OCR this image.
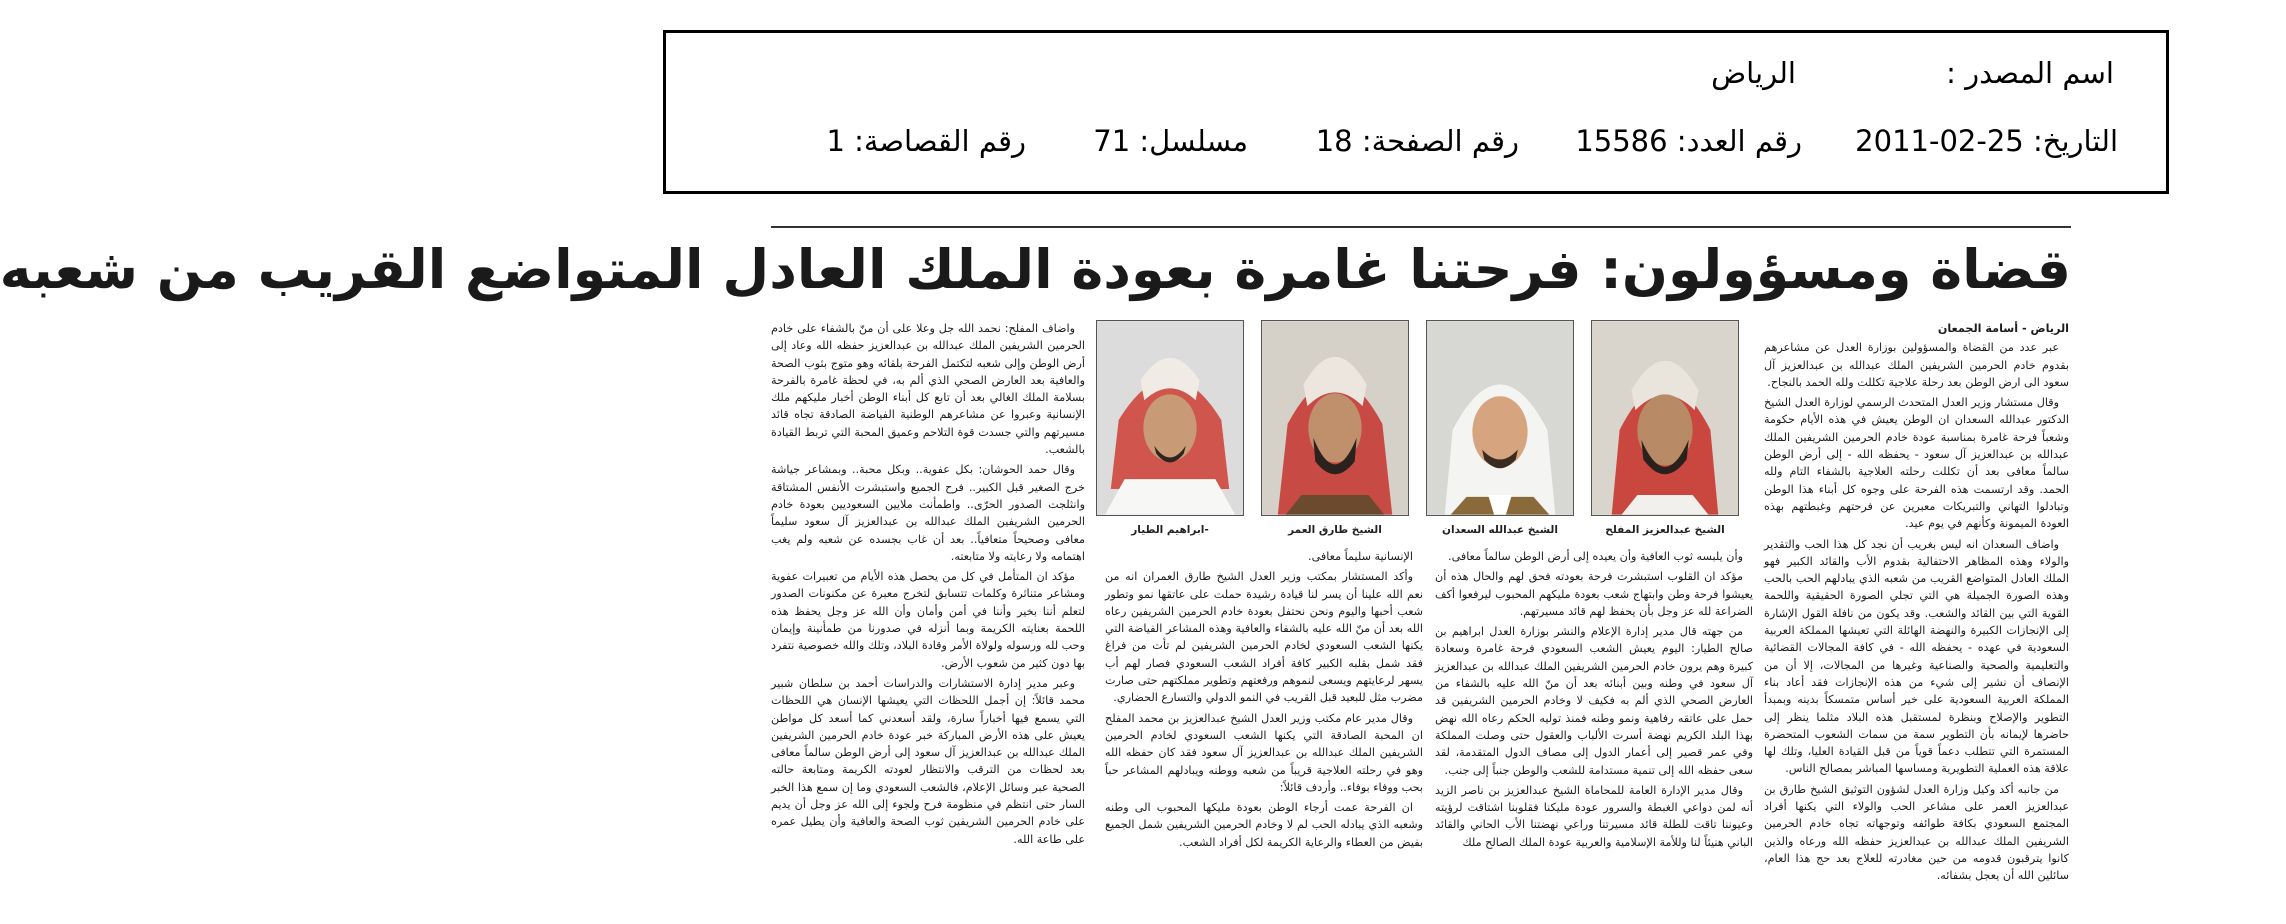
اسم المصدر :
الرياض
التاريخ: 25-02-2011
رقم العدد: 15586
رقم الصفحة: 18
مسلسل: 71
رقم القصاصة: 1
قضاة ومسؤولون: فرحتنا غامرة بعودة الملك العادل المتواضع القريب من شعبه
الرياض - أسامة الجمعان

عبر عدد من القضاة والمسؤولين بوزارة العدل عن مشاعرهم بقدوم خادم الحرمين الشريفين الملك عبدالله بن عبدالعزيز آل سعود الى ارض الوطن بعد رحلة علاجية تكللت ولله الحمد بالنجاح.

وقال مستشار وزير العدل المتحدث الرسمي لوزارة العدل الشيخ الدكتور عبدالله السعدان ان الوطن يعيش في هذه الأيام حكومة وشعباً فرحة غامرة بمناسبة عودة خادم الحرمين الشريفين الملك عبدالله بن عبدالعزيز آل سعود - يحفظه الله - إلى أرض الوطن سالماً معافى بعد أن تكللت رحلته العلاجية بالشفاء التام ولله الحمد. وقد ارتسمت هذه الفرحة على وجوه كل أبناء هذا الوطن وتبادلوا التهاني والتبريكات معبرين عن فرحتهم وغبطتهم بهذه العودة الميمونة وكأنهم في يوم عيد.

واضاف السعدان انه ليس بغريب أن نجد كل هذا الحب والتقدير والولاء وهذه المظاهر الاحتفالية بقدوم الأب والقائد الكبير فهو الملك العادل المتواضع القريب من شعبه الذي يبادلهم الحب بالحب وهذه الصورة الجميلة هي التي تجلي الصورة الحقيقية واللحمة القوية التي بين القائد والشعب. وقد يكون من نافلة القول الإشارة إلى الإنجازات الكبيرة والنهضة الهائلة التي تعيشها المملكة العربية السعودية في عهده - يحفظه الله - في كافة المجالات القضائية والتعليمية والصحية والصناعية وغيرها من المجالات، إلا أن من الإنصاف أن نشير إلى شيء من هذه الإنجازات فقد أعاد بناء المملكة العربية السعودية على خير أساس متمسكاً بدينه وبمبدأ التطوير والإصلاح وبنظرة لمستقبل هذه البلاد مثلما ينظر إلى حاضرها لإيمانه بأن التطوير سمة من سمات الشعوب المتحضرة المستمرة التي تتطلب دعماً قوياً من قبل القيادة العليا، وتلك لها علاقة هذه العملية التطويرية ومساسها المباشر بمصالح الناس.

من جانبه أكد وكيل وزارة العدل لشؤون التوثيق الشيخ طارق بن عبدالعزيز العمر على مشاعر الحب والولاء التي يكنها أفراد المجتمع السعودي بكافة طوائفه وتوجهاته تجاه خادم الحرمين الشريفين الملك عبدالله بن عبدالعزيز حفظه الله ورعاه والذين كانوا يترقبون قدومه من حين مغادرته للعلاج بعد حج هذا العام، سائلين الله أن يعجل بشفائه.

الشيخ عبدالعزيز المفلح
الشيخ عبدالله السعدان
الشيخ طارق العمر
-ابراهيم الطيار

وأن يلبسه ثوب العافية وأن يعيده إلى أرض الوطن سالماً معافى.

مؤكد ان القلوب استبشرت فرحة بعودته فحق لهم والحال هذه أن يعيشوا فرحة وطن وابتهاج شعب بعودة مليكهم المحبوب ليرفعوا أكف الضراعة لله عز وجل بأن يحفظ لهم قائد مسيرتهم.

من جهته قال مدير إدارة الإعلام والنشر بوزارة العدل ابراهيم بن صالح الطيار: اليوم يعيش الشعب السعودي فرحة غامرة وسعادة كبيرة وهم يرون خادم الحرمين الشريفين الملك عبدالله بن عبدالعزيز آل سعود في وطنه وبين أبنائه بعد أن منّ الله عليه بالشفاء من العارض الصحي الذي ألم به فكيف لا وخادم الحرمين الشريفين قد حمل على عاتقه رفاهية ونمو وطنه فمنذ توليه الحكم رعاه الله نهض بهذا البلد الكريم نهضة أسرت الألباب والعقول حتى وصلت المملكة وفي عمر قصير إلى أعمار الدول إلى مصاف الدول المتقدمة، لقد سعى حفظه الله إلى تنمية مستدامة للشعب والوطن جنباً إلى جنب.

وقال مدير الإدارة العامة للمحاماة الشيخ عبدالعزيز بن ناصر الزيد أنه لمن دواعي الغبطة والسرور عودة مليكنا فقلوبنا اشتاقت لرؤيته وعيوننا تاقت للطلة قائد مسيرتنا وراعي نهضتنا الأب الحاني والقائد الباني هنيئاً لنا وللأمة الإسلامية والعربية عودة الملك الصالح ملك

الإنسانية سليماً معافى.

وأكد المستشار بمكتب وزير العدل الشيخ طارق العمران انه من نعم الله علينا أن يسر لنا قيادة رشيدة حملت على عاتقها نمو وتطور شعب أحبها واليوم ونحن نحتفل بعودة خادم الحرمين الشريفين رعاه الله بعد أن منّ الله عليه بالشفاء والعافية وهذه المشاعر الفياضة التي يكنها الشعب السعودي لخادم الحرمين الشريفين لم تأت من فراغ فقد شمل بقلبه الكبير كافة أفراد الشعب السعودي فصار لهم أب يسهر لرعايتهم ويسعى لنموهم ورفعتهم وتطوير مملكتهم حتى صارت مضرب مثل للبعيد قبل القريب في النمو الدولي والتسارع الحضاري.

وقال مدير عام مكتب وزير العدل الشيخ عبدالعزيز بن محمد المفلح ان المحبة الصادقة التي يكنها الشعب السعودي لخادم الحرمين الشريفين الملك عبدالله بن عبدالعزيز آل سعود فقد كان حفظه الله وهو في رحلته العلاجية قريباً من شعبه ووطنه ويبادلهم المشاعر حباً بحب ووفاء بوفاء.. وأردف قائلاً:

ان الفرحة عمت أرجاء الوطن بعودة مليكها المحبوب الى وطنه وشعبه الذي يبادله الحب لم لا وخادم الحرمين الشريفين شمل الجميع بفيض من العطاء والرعاية الكريمة لكل أفراد الشعب.

واضاف المفلح: نحمد الله جل وعلا على أن منّ بالشفاء على خادم الحرمين الشريفين الملك عبدالله بن عبدالعزيز حفظه الله وعاد إلى أرض الوطن وإلى شعبه لتكتمل الفرحة بلقائه وهو متوج بثوب الصحة والعافية بعد العارض الصحي الذي ألم به، في لحظة غامرة بالفرحة بسلامة الملك الغالي بعد أن تابع كل أبناء الوطن أخبار مليكهم ملك الإنسانية وعبروا عن مشاعرهم الوطنية الفياضة الصادقة تجاه قائد مسيرتهم والتي جسدت قوة التلاحم وعميق المحبة التي تربط القيادة بالشعب.

وقال حمد الحوشان: بكل عفوية.. وبكل محبة.. وبمشاعر جياشة خرج الصغير قبل الكبير.. فرح الجميع واستبشرت الأنفس المشتاقة وانثلجت الصدور الحرّى.. واطمأنت ملايين السعوديين بعودة خادم الحرمين الشريفين الملك عبدالله بن عبدالعزيز آل سعود سليماً معافى وصحيحاً متعافياً.. بعد أن غاب بجسده عن شعبه ولم يغب اهتمامه ولا رعايته ولا متابعته.

مؤكد ان المتأمل في كل من يحصل هذه الأيام من تعبيرات عفوية ومشاعر متناثرة وكلمات تتسابق لتخرج معبرة عن مكنونات الصدور لتعلم أننا بخير وأننا في أمن وأمان وأن الله عز وجل يحفظ هذه اللحمة بعنايته الكريمة وبما أنزله في صدورنا من طمأنينة وإيمان وحب لله ورسوله ولولاة الأمر وقادة البلاد، وتلك والله خصوصية نتفرد بها دون كثير من شعوب الأرض.

وعبر مدير إدارة الاستشارات والدراسات أحمد بن سلطان شبير محمد قائلاً: إن أجمل اللحظات التي يعيشها الإنسان هي اللحظات التي يسمع فيها أخباراً سارة، ولقد أسعدني كما أسعد كل مواطن يعيش على هذه الأرض المباركة خبر عودة خادم الحرمين الشريفين الملك عبدالله بن عبدالعزيز آل سعود إلى أرض الوطن سالماً معافى بعد لحظات من الترقب والانتظار لعودته الكريمة ومتابعة حالته الصحية عبر وسائل الإعلام، فالشعب السعودي وما إن سمع هذا الخبر السار حتى انتظم في منظومة فرح ولجوء إلى الله عز وجل أن يديم على خادم الحرمين الشريفين ثوب الصحة والعافية وأن يطيل عمره على طاعة الله.
